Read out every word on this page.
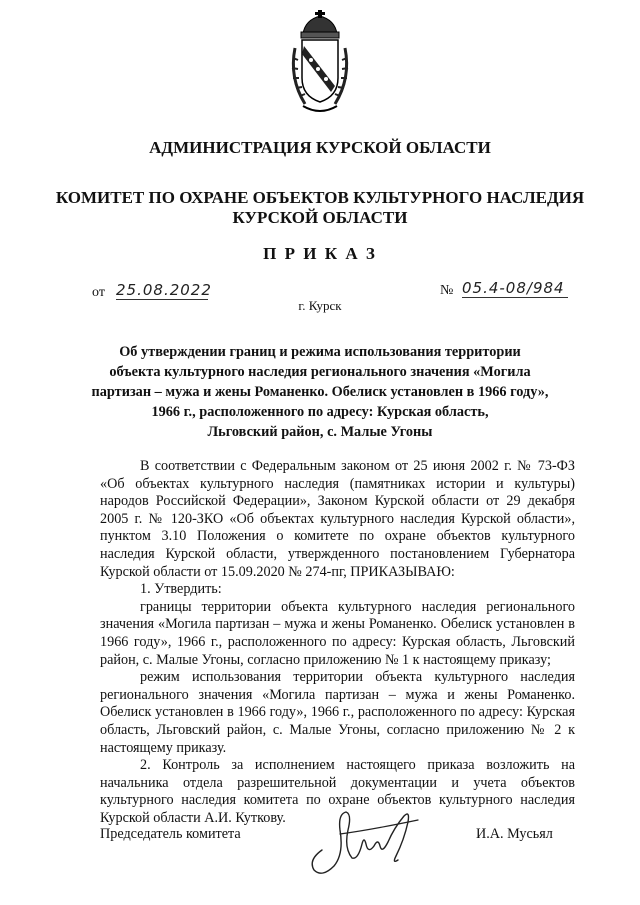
АДМИНИСТРАЦИЯ КУРСКОЙ ОБЛАСТИ
КОМИТЕТ ПО ОХРАНЕ ОБЪЕКТОВ КУЛЬТУРНОГО НАСЛЕДИЯ
КУРСКОЙ ОБЛАСТИ
П Р И К А З
от 25.08.2022	№ 05.4-08/984
г. Курск
Об утверждении границ и режима использования территории
объекта культурного наследия регионального значения «Могила
партизан – мужа и жены Романенко. Обелиск установлен в 1966 году»,
1966 г., расположенного по адресу: Курская область,
Льговский район, с. Малые Угоны

В соответствии с Федеральным законом от 25 июня 2002 г. № 73-ФЗ «Об объектах культурного наследия (памятниках истории и культуры) народов Российской Федерации», Законом Курской области от 29 декабря 2005 г. № 120-ЗКО «Об объектах культурного наследия Курской области», пунктом 3.10 Положения о комитете по охране объектов культурного наследия Курской области, утвержденного постановлением Губернатора Курской области от 15.09.2020 № 274-пг, ПРИКАЗЫВАЮ:

1. Утвердить:

границы территории объекта культурного наследия регионального значения «Могила партизан – мужа и жены Романенко. Обелиск установлен в 1966 году», 1966 г., расположенного по адресу: Курская область, Льговский район, с. Малые Угоны, согласно приложению № 1 к настоящему приказу;

режим использования территории объекта культурного наследия регионального значения «Могила партизан – мужа и жены Романенко. Обелиск установлен в 1966 году», 1966 г., расположенного по адресу: Курская область, Льговский район, с. Малые Угоны, согласно приложению № 2 к настоящему приказу.

2. Контроль за исполнением настоящего приказа возложить на начальника отдела разрешительной документации и учета объектов культурного наследия комитета по охране объектов культурного наследия Курской области А.И. Куткову.

Председатель комитета	И.А. Мусьял
